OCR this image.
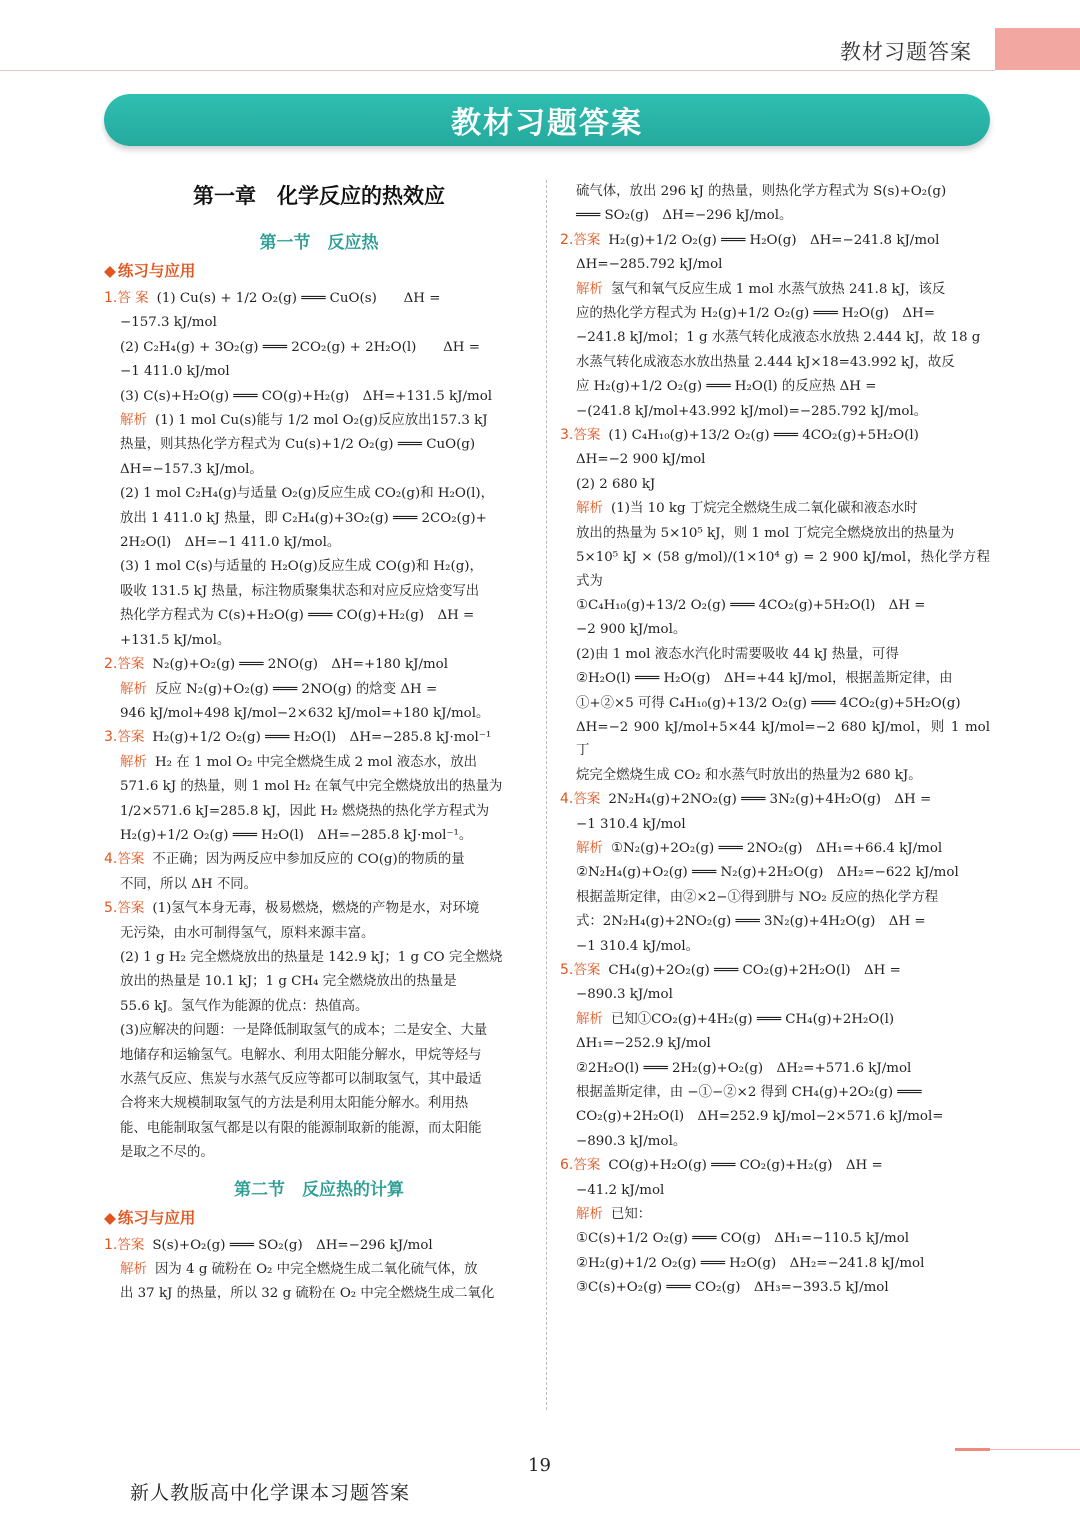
教材习题答案
教材习题答案
第一章　化学反应的热效应
第一节　反应热
◆ 练习与应用

1.答 案 (1) Cu(s) + 1/2 O₂(g) ═══ CuO(s)　　ΔH =

−157.3 kJ/mol

(2) C₂H₄(g) + 3O₂(g) ═══ 2CO₂(g) + 2H₂O(l)　　ΔH =

−1 411.0 kJ/mol

(3) C(s)+H₂O(g) ═══ CO(g)+H₂(g)　ΔH=+131.5 kJ/mol

解析 (1) 1 mol Cu(s)能与 1/2 mol O₂(g)反应放出157.3 kJ

热量，则其热化学方程式为 Cu(s)+1/2 O₂(g) ═══ CuO(g)

ΔH=−157.3 kJ/mol。

(2) 1 mol C₂H₄(g)与适量 O₂(g)反应生成 CO₂(g)和 H₂O(l)，

放出 1 411.0 kJ 热量，即 C₂H₄(g)+3O₂(g) ═══ 2CO₂(g)+

2H₂O(l)　ΔH=−1 411.0 kJ/mol。

(3) 1 mol C(s)与适量的 H₂O(g)反应生成 CO(g)和 H₂(g)，

吸收 131.5 kJ 热量，标注物质聚集状态和对应反应焓变写出

热化学方程式为 C(s)+H₂O(g) ═══ CO(g)+H₂(g)　ΔH =

+131.5 kJ/mol。

2.答案 N₂(g)+O₂(g) ═══ 2NO(g)　ΔH=+180 kJ/mol

解析 反应 N₂(g)+O₂(g) ═══ 2NO(g) 的焓变 ΔH =

946 kJ/mol+498 kJ/mol−2×632 kJ/mol=+180 kJ/mol。

3.答案 H₂(g)+1/2 O₂(g) ═══ H₂O(l)　ΔH=−285.8 kJ·mol⁻¹

解析 H₂ 在 1 mol O₂ 中完全燃烧生成 2 mol 液态水，放出

571.6 kJ 的热量，则 1 mol H₂ 在氧气中完全燃烧放出的热量为

1/2×571.6 kJ=285.8 kJ，因此 H₂ 燃烧热的热化学方程式为

H₂(g)+1/2 O₂(g) ═══ H₂O(l)　ΔH=−285.8 kJ·mol⁻¹。

4.答案 不正确；因为两反应中参加反应的 CO(g)的物质的量

不同，所以 ΔH 不同。

5.答案 (1)氢气本身无毒，极易燃烧，燃烧的产物是水，对环境

无污染，由水可制得氢气，原料来源丰富。

(2) 1 g H₂ 完全燃烧放出的热量是 142.9 kJ；1 g CO 完全燃烧

放出的热量是 10.1 kJ；1 g CH₄ 完全燃烧放出的热量是

55.6 kJ。氢气作为能源的优点：热值高。

(3)应解决的问题：一是降低制取氢气的成本；二是安全、大量

地储存和运输氢气。电解水、利用太阳能分解水，甲烷等烃与

水蒸气反应、焦炭与水蒸气反应等都可以制取氢气，其中最适

合将来大规模制取氢气的方法是利用太阳能分解水。利用热

能、电能制取氢气都是以有限的能源制取新的能源，而太阳能

是取之不尽的。

第二节　反应热的计算
◆ 练习与应用

1.答案 S(s)+O₂(g) ═══ SO₂(g)　ΔH=−296 kJ/mol

解析 因为 4 g 硫粉在 O₂ 中完全燃烧生成二氧化硫气体，放

出 37 kJ 的热量，所以 32 g 硫粉在 O₂ 中完全燃烧生成二氧化

硫气体，放出 296 kJ 的热量，则热化学方程式为 S(s)+O₂(g)

═══ SO₂(g)　ΔH=−296 kJ/mol。

2.答案 H₂(g)+1/2 O₂(g) ═══ H₂O(g)　ΔH=−241.8 kJ/mol

ΔH=−285.792 kJ/mol

解析 氢气和氧气反应生成 1 mol 水蒸气放热 241.8 kJ，该反

应的热化学方程式为 H₂(g)+1/2 O₂(g) ═══ H₂O(g)　ΔH=

−241.8 kJ/mol；1 g 水蒸气转化成液态水放热 2.444 kJ，故 18 g

水蒸气转化成液态水放出热量 2.444 kJ×18=43.992 kJ，故反

应 H₂(g)+1/2 O₂(g) ═══ H₂O(l) 的反应热 ΔH =

−(241.8 kJ/mol+43.992 kJ/mol)=−285.792 kJ/mol。

3.答案 (1) C₄H₁₀(g)+13/2 O₂(g) ═══ 4CO₂(g)+5H₂O(l)

ΔH=−2 900 kJ/mol

(2) 2 680 kJ

解析 (1)当 10 kg 丁烷完全燃烧生成二氧化碳和液态水时

放出的热量为 5×10⁵ kJ，则 1 mol 丁烷完全燃烧放出的热量为

5×10⁵ kJ × (58 g/mol)/(1×10⁴ g) = 2 900 kJ/mol，热化学方程式为

①C₄H₁₀(g)+13/2 O₂(g) ═══ 4CO₂(g)+5H₂O(l)　ΔH =

−2 900 kJ/mol。

(2)由 1 mol 液态水汽化时需要吸收 44 kJ 热量，可得

②H₂O(l) ═══ H₂O(g)　ΔH=+44 kJ/mol，根据盖斯定律，由

①+②×5 可得 C₄H₁₀(g)+13/2 O₂(g) ═══ 4CO₂(g)+5H₂O(g)

ΔH=−2 900 kJ/mol+5×44 kJ/mol=−2 680 kJ/mol，则 1 mol 丁

烷完全燃烧生成 CO₂ 和水蒸气时放出的热量为2 680 kJ。

4.答案 2N₂H₄(g)+2NO₂(g) ═══ 3N₂(g)+4H₂O(g)　ΔH =

−1 310.4 kJ/mol

解析 ①N₂(g)+2O₂(g) ═══ 2NO₂(g)　ΔH₁=+66.4 kJ/mol

②N₂H₄(g)+O₂(g) ═══ N₂(g)+2H₂O(g)　ΔH₂=−622 kJ/mol

根据盖斯定律，由②×2−①得到肼与 NO₂ 反应的热化学方程

式：2N₂H₄(g)+2NO₂(g) ═══ 3N₂(g)+4H₂O(g)　ΔH =

−1 310.4 kJ/mol。

5.答案 CH₄(g)+2O₂(g) ═══ CO₂(g)+2H₂O(l)　ΔH =

−890.3 kJ/mol

解析 已知①CO₂(g)+4H₂(g) ═══ CH₄(g)+2H₂O(l)

ΔH₁=−252.9 kJ/mol

②2H₂O(l) ═══ 2H₂(g)+O₂(g)　ΔH₂=+571.6 kJ/mol

根据盖斯定律，由 −①−②×2 得到 CH₄(g)+2O₂(g) ═══

CO₂(g)+2H₂O(l)　ΔH=252.9 kJ/mol−2×571.6 kJ/mol=

−890.3 kJ/mol。

6.答案 CO(g)+H₂O(g) ═══ CO₂(g)+H₂(g)　ΔH =

−41.2 kJ/mol

解析 已知：

①C(s)+1/2 O₂(g) ═══ CO(g)　ΔH₁=−110.5 kJ/mol

②H₂(g)+1/2 O₂(g) ═══ H₂O(g)　ΔH₂=−241.8 kJ/mol

③C(s)+O₂(g) ═══ CO₂(g)　ΔH₃=−393.5 kJ/mol

19
新人教版高中化学课本习题答案
